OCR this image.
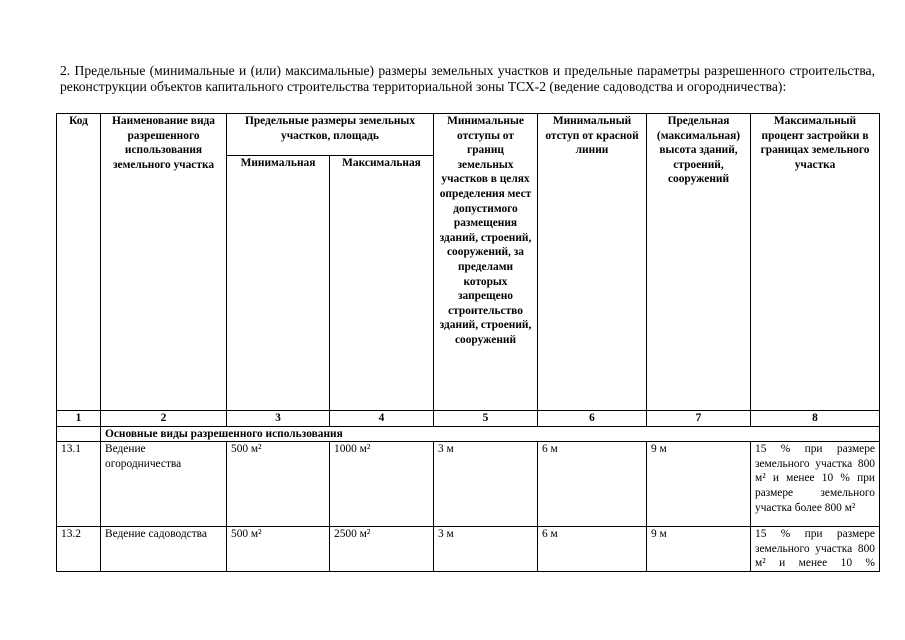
2. Предельные (минимальные и (или) максимальные) размеры земельных участков и предельные параметры разрешенного строительства, реконструкции объектов капитального строительства территориальной зоны ТСХ-2 (ведение садоводства и огородничества):

Код	Наименование вида разрешенного использования земельного участка	Предельные размеры земельных участков, площадь		Минимальные отступы от границ земельных участков в целях определения мест допустимого размещения зданий, строений, сооружений, за пределами которых запрещено строительство зданий, строений, сооружений	Минимальный отступ от красной линии	Предельная (максимальная) высота зданий, строений, сооружений	Максимальный процент застройки в границах земельного участка
		Минимальная	Максимальная				
1	2	3	4	5	6	7	8
	Основные виды разрешенного использования						
13.1	Ведение огородничества	500 м²	1000 м²	3 м	6 м	9 м	15 % при размере земельного участка 800 м² и менее 10 % при размере земельного участка более 800 м²
13.2	Ведение садоводства	500 м²	2500 м²	3 м	6 м	9 м	15 % при размере земельного участка 800 м² и менее 10 %
